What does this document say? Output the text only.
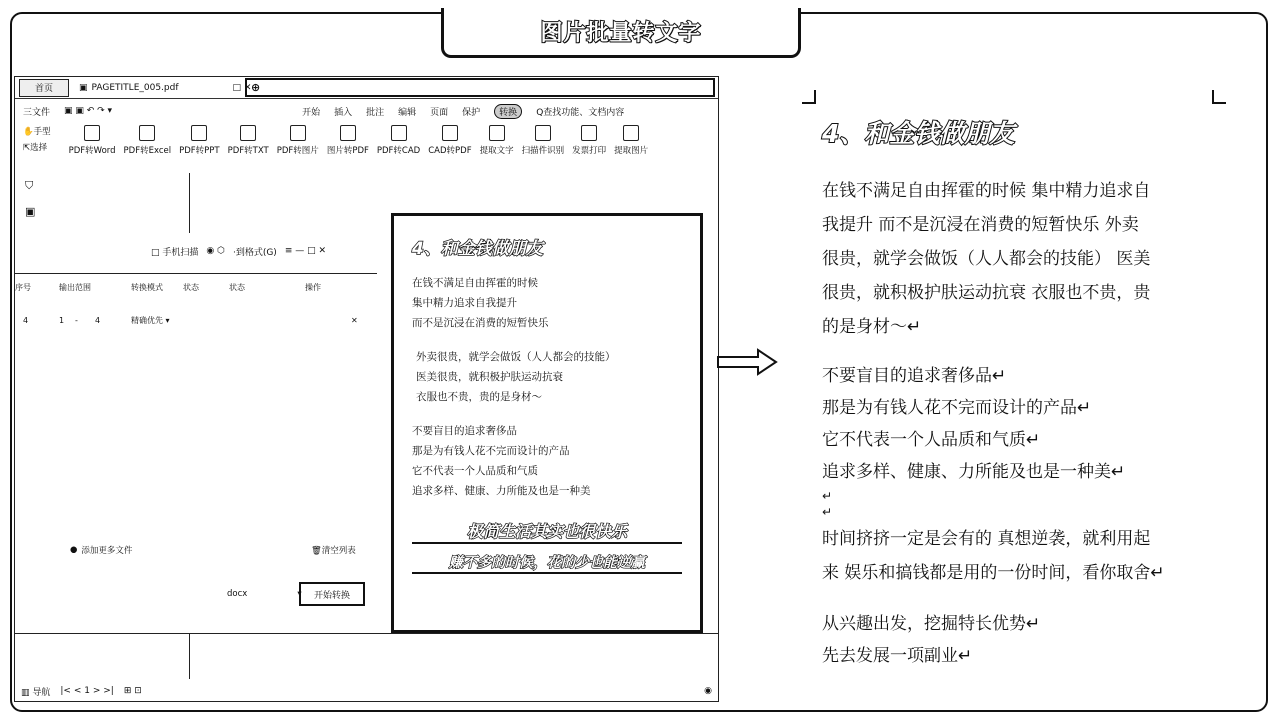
图片批量转文字
首页	▣ PAGETITLE_005.pdf	□ ✕ ⊕
三文件 ▣ ▣ ↶ ↷ ▾	开始 插入 批注 编辑 页面 保护	转换	Q查找功能、文档内容
✋手型
⇱选择	PDF转Word PDF转Excel PDF转PPT PDF转TXT PDF转图片 图片转PDF PDF转CAD CAD转PDF 提取文字 扫描件识别 发票打印 提取图片
⛉
▣
□ 手机扫描 ◉ ⬡ ·到格式(G) ≡ — □ ✕
序号	输出范围	转换模式	状态	状态	操作
4	1	-	4	精确优先 ▾	✕
● 添加更多文件	🗑清空列表
docx	▾ 开始转换
▥ 导航 |< < 1 > >| ⊞ ⊡	◉
4、和金钱做朋友
在钱不满足自由挥霍的时候
集中精力追求自我提升
而不是沉浸在消费的短暂快乐
外卖很贵，就学会做饭（人人都会的技能）
医美很贵，就积极护肤运动抗衰
衣服也不贵，贵的是身材～
不要盲目的追求奢侈品
那是为有钱人花不完而设计的产品
它不代表一个人品质和气质
追求多样、健康、力所能及也是一种美
极简生活其实也很快乐
赚不多的时候，花的少也能逆赢
4、和金钱做朋友
在钱不满足自由挥霍的时候 集中精力追求自
我提升 而不是沉浸在消费的短暂快乐 外卖
很贵，就学会做饭（人人都会的技能） 医美
很贵，就积极护肤运动抗衰 衣服也不贵，贵
的是身材～↵
不要盲目的追求奢侈品↵
那是为有钱人花不完而设计的产品↵
它不代表一个人品质和气质↵
追求多样、健康、力所能及也是一种美↵
↵
↵
时间挤挤一定是会有的 真想逆袭，就利用起
来 娱乐和搞钱都是用的一份时间，看你取舍↵
从兴趣出发，挖掘特长优势↵
先去发展一项副业↵
